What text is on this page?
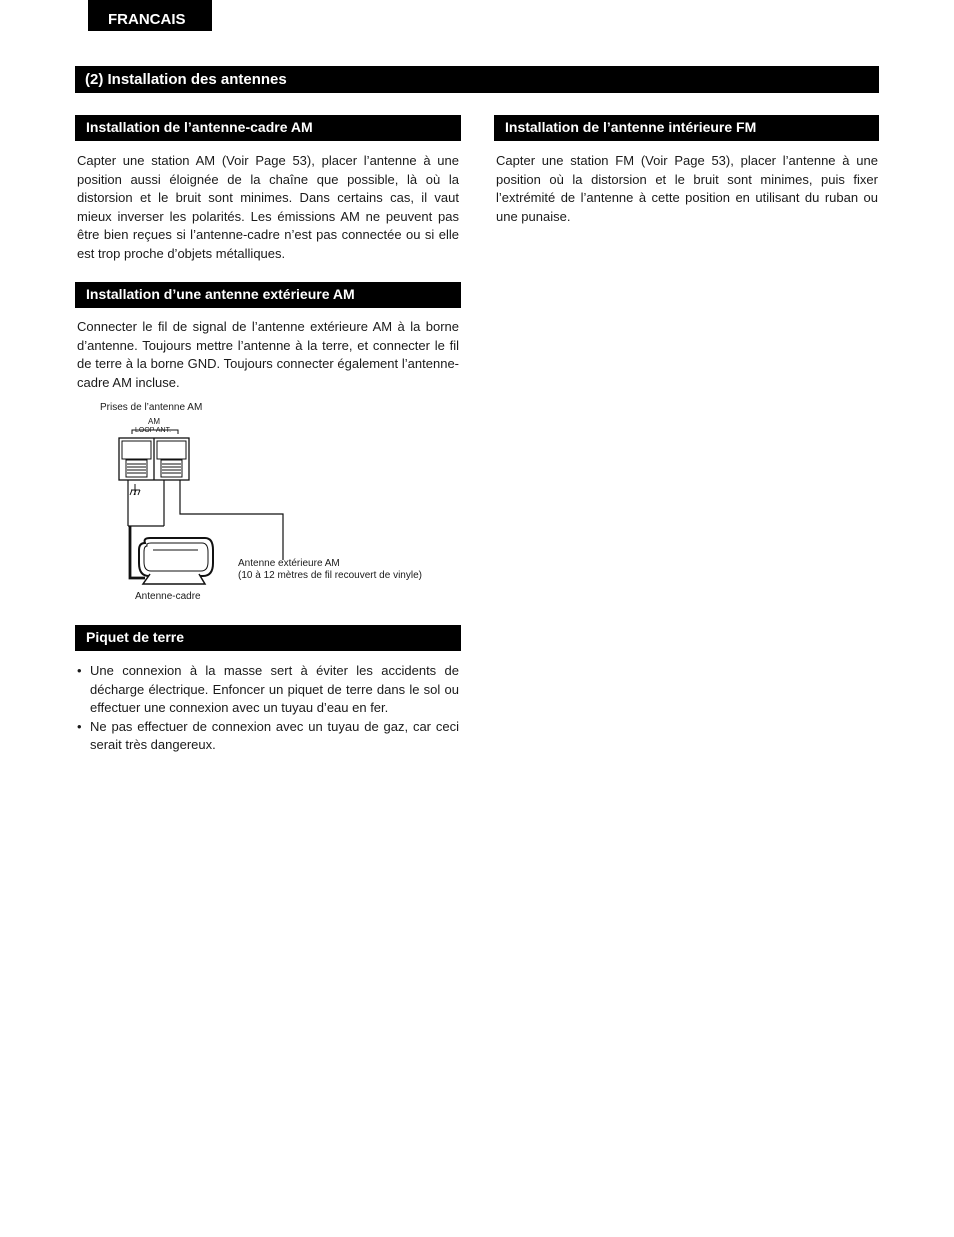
FRANCAIS
(2) Installation des antennes
Installation de l’antenne-cadre AM

Capter une station AM (Voir Page 53), placer l’antenne à une position aussi éloignée de la chaîne que possible, là où la distorsion et le bruit sont minimes. Dans certains cas, il vaut mieux inverser les polarités. Les émissions AM ne peuvent pas être bien reçues si l’antenne-cadre n’est pas connectée ou si elle est trop proche d’objets métalliques.

Installation d’une antenne extérieure AM

Connecter le fil de signal de l’antenne extérieure AM à la borne d’antenne. Toujours mettre l’antenne à la terre, et connecter le fil de terre à la borne GND. Toujours connecter également l’antenne-cadre AM incluse.

Prises de l’antenne AM
AM
LOOP ANT.
Antenne extérieure AM
(10 à 12 mètres de fil recouvert de vinyle)
Antenne-cadre
Piquet de terre
• Une connexion à la masse sert à éviter les accidents de décharge électrique. Enfoncer un piquet de terre dans le sol ou effectuer une connexion avec un tuyau d’eau en fer.
• Ne pas effectuer de connexion avec un tuyau de gaz, car ceci serait très dangereux.
Installation de l’antenne intérieure FM

Capter une station FM (Voir Page 53), placer l’antenne à une position où la distorsion et le bruit sont minimes, puis fixer l’extrémité de l’antenne à cette position en utilisant du ruban ou une punaise.
